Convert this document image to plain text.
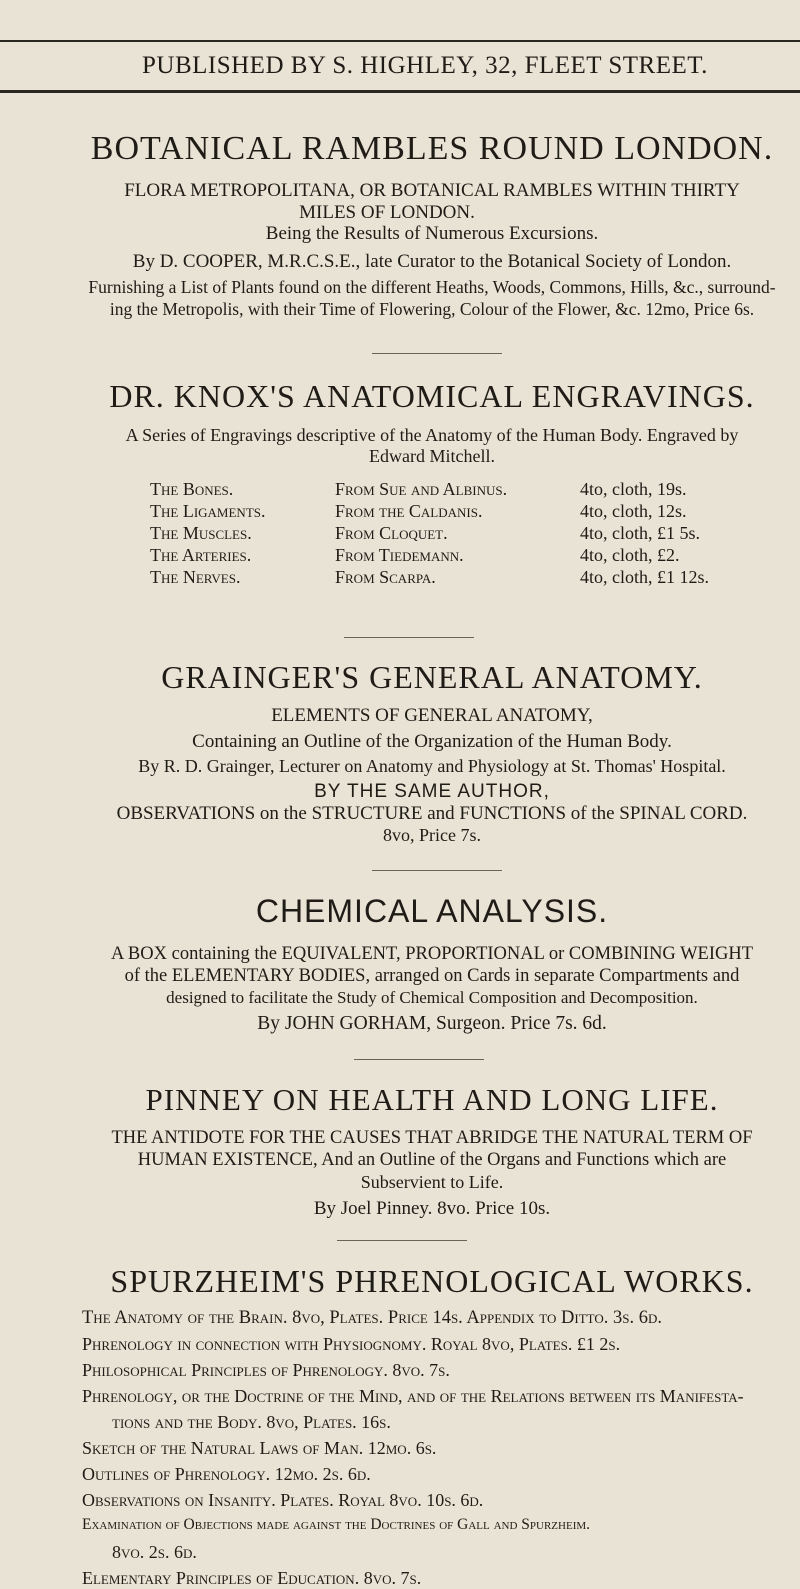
PUBLISHED BY S. HIGHLEY, 32, FLEET STREET.
BOTANICAL RAMBLES ROUND LONDON.
FLORA METROPOLITANA, OR BOTANICAL RAMBLES WITHIN THIRTY
MILES OF LONDON.
Being the Results of Numerous Excursions.
By D. COOPER, M.R.C.S.E., late Curator to the Botanical Society of London.
Furnishing a List of Plants found on the different Heaths, Woods, Commons, Hills, &c., surround-
ing the Metropolis, with their Time of Flowering, Colour of the Flower, &c. 12mo, Price 6s.
DR. KNOX'S ANATOMICAL ENGRAVINGS.
A Series of Engravings descriptive of the Anatomy of the Human Body. Engraved by
Edward Mitchell.
The Bones.	From Sue and Albinus.	4to, cloth, 19s.
The Ligaments.	From the Caldanis.	4to, cloth, 12s.
The Muscles.	From Cloquet.	4to, cloth, £1 5s.
The Arteries.	From Tiedemann.	4to, cloth, £2.
The Nerves.	From Scarpa.	4to, cloth, £1 12s.
GRAINGER'S GENERAL ANATOMY.
ELEMENTS OF GENERAL ANATOMY,
Containing an Outline of the Organization of the Human Body.
By R. D. Grainger, Lecturer on Anatomy and Physiology at St. Thomas' Hospital.
BY THE SAME AUTHOR,
OBSERVATIONS on the STRUCTURE and FUNCTIONS of the SPINAL CORD.
8vo, Price 7s.
CHEMICAL ANALYSIS.
A BOX containing the EQUIVALENT, PROPORTIONAL or COMBINING WEIGHT
of the ELEMENTARY BODIES, arranged on Cards in separate Compartments and
designed to facilitate the Study of Chemical Composition and Decomposition.
By JOHN GORHAM, Surgeon. Price 7s. 6d.
PINNEY ON HEALTH AND LONG LIFE.
THE ANTIDOTE FOR THE CAUSES THAT ABRIDGE THE NATURAL TERM OF
HUMAN EXISTENCE, And an Outline of the Organs and Functions which are
Subservient to Life.
By Joel Pinney. 8vo. Price 10s.
SPURZHEIM'S PHRENOLOGICAL WORKS.
The Anatomy of the Brain. 8vo, Plates. Price 14s. Appendix to Ditto. 3s. 6d.
Phrenology in connection with Physiognomy. Royal 8vo, Plates. £1 2s.
Philosophical Principles of Phrenology. 8vo. 7s.
Phrenology, or the Doctrine of the Mind, and of the Relations between its Manifesta-
tions and the Body. 8vo, Plates. 16s.
Sketch of the Natural Laws of Man. 12mo. 6s.
Outlines of Phrenology. 12mo. 2s. 6d.
Observations on Insanity. Plates. Royal 8vo. 10s. 6d.
Examination of Objections made against the Doctrines of Gall and Spurzheim.
8vo. 2s. 6d.
Elementary Principles of Education. 8vo. 7s.
